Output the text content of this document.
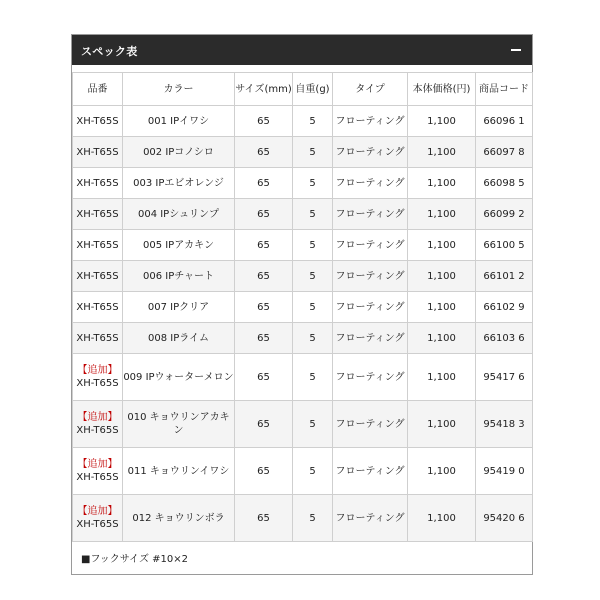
スペック表
品番	カラー	サイズ(mm)	自重(g)	タイプ	本体価格(円)	商品コード
XH-T65S	001 IPイワシ	65	5	フローティング	1,100	66096 1
XH-T65S	002 IPコノシロ	65	5	フローティング	1,100	66097 8
XH-T65S	003 IPエビオレンジ	65	5	フローティング	1,100	66098 5
XH-T65S	004 IPシュリンプ	65	5	フローティング	1,100	66099 2
XH-T65S	005 IPアカキン	65	5	フローティング	1,100	66100 5
XH-T65S	006 IPチャート	65	5	フローティング	1,100	66101 2
XH-T65S	007 IPクリア	65	5	フローティング	1,100	66102 9
XH-T65S	008 IPライム	65	5	フローティング	1,100	66103 6

【追加】
XH-T65S	009 IPウォーターメロン	65	5	フローティング	1,100	95417 6

【追加】
XH-T65S	010 キョウリンアカキン	65	5	フローティング	1,100	95418 3

【追加】
XH-T65S	011 キョウリンイワシ	65	5	フローティング	1,100	95419 0

【追加】
XH-T65S	012 キョウリンボラ	65	5	フローティング	1,100	95420 6
■フックサイズ #10×2
